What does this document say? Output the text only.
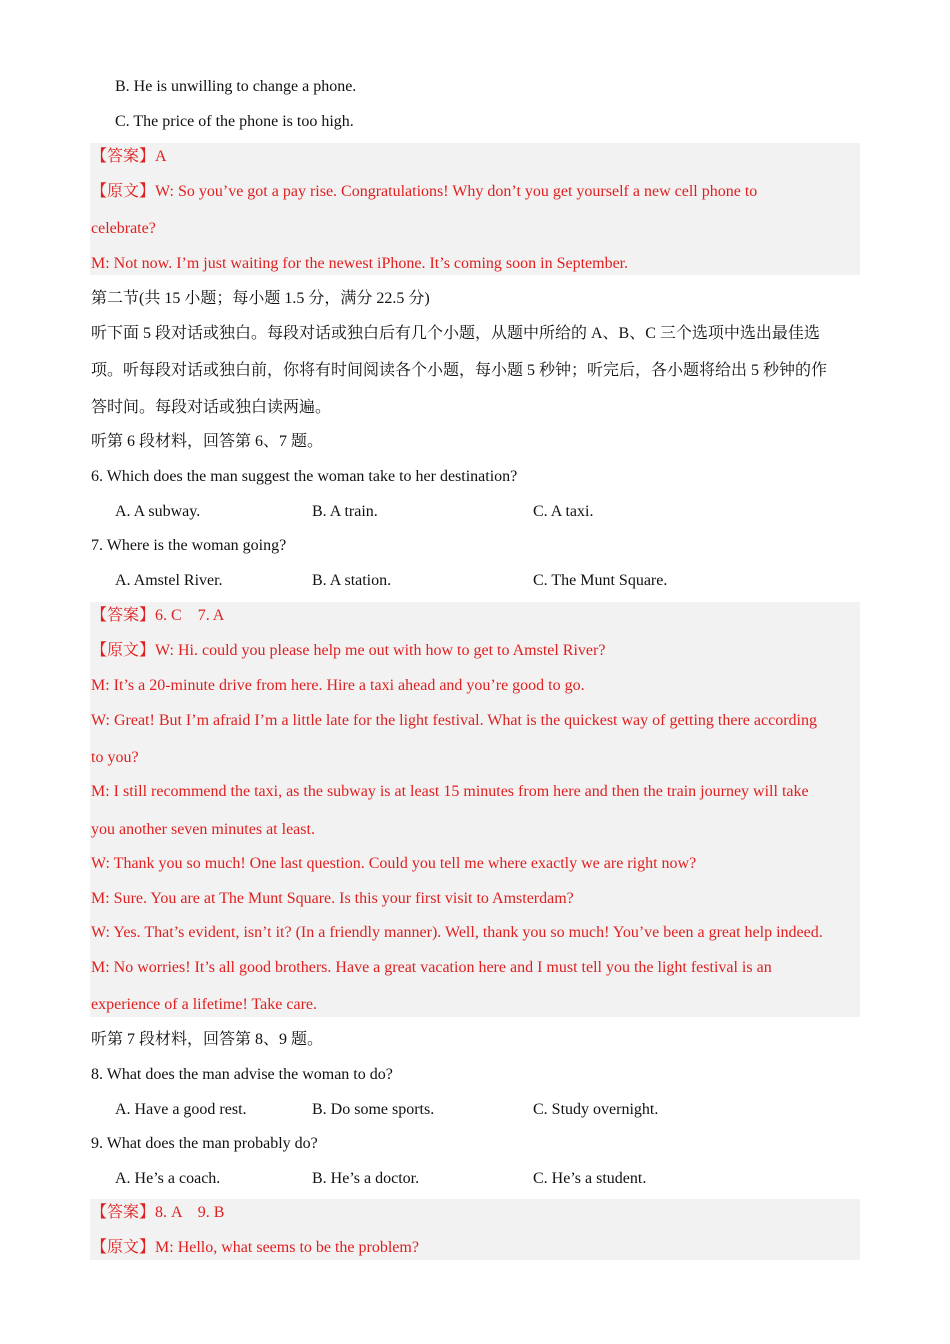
B. He is unwilling to change a phone.

C. The price of the phone is too high.

【答案】A

【原文】W: So you’ve got a pay rise. Congratulations! Why don’t you get yourself a new cell phone to

celebrate?

M: Not now. I’m just waiting for the newest iPhone. It’s coming soon in September.

第二节(共 15 小题；每小题 1.5 分，满分 22.5 分)

听下面 5 段对话或独白。每段对话或独白后有几个小题，从题中所给的 A、B、C 三个选项中选出最佳选

项。听每段对话或独白前，你将有时间阅读各个小题，每小题 5 秒钟；听完后，各小题将给出 5 秒钟的作

答时间。每段对话或独白读两遍。

听第 6 段材料，回答第 6、7 题。

6. Which does the man suggest the woman take to her destination?

A. A subway.	B. A train.	C. A taxi.

7. Where is the woman going?

A. Amstel River.	B. A station.	C. The Munt Square.

【答案】6. C    7. A

【原文】W: Hi. could you please help me out with how to get to Amstel River?

M: It’s a 20-minute drive from here. Hire a taxi ahead and you’re good to go.

W: Great! But I’m afraid I’m a little late for the light festival. What is the quickest way of getting there according

to you?

M: I still recommend the taxi, as the subway is at least 15 minutes from here and then the train journey will take

you another seven minutes at least.

W: Thank you so much! One last question. Could you tell me where exactly we are right now?

M: Sure. You are at The Munt Square. Is this your first visit to Amsterdam?

W: Yes. That’s evident, isn’t it? (In a friendly manner). Well, thank you so much! You’ve been a great help indeed.

M: No worries! It’s all good brothers. Have a great vacation here and I must tell you the light festival is an

experience of a lifetime! Take care.

听第 7 段材料，回答第 8、9 题。

8. What does the man advise the woman to do?

A. Have a good rest.	B. Do some sports.	C. Study overnight.

9. What does the man probably do?

A. He’s a coach.	B. He’s a doctor.	C. He’s a student.

【答案】8. A    9. B

【原文】M: Hello, what seems to be the problem?
